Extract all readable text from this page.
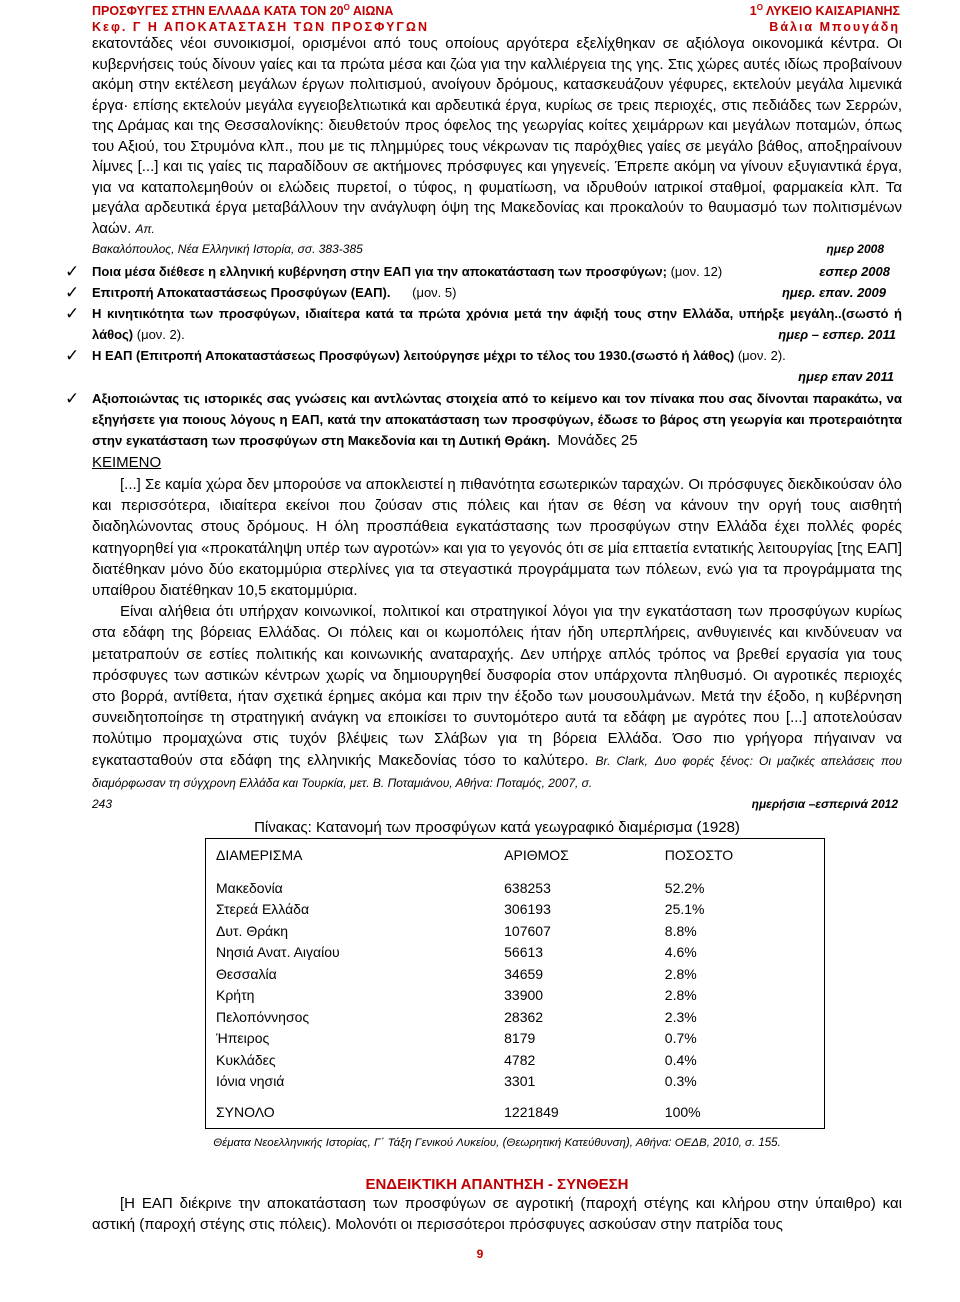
ΠΡΟΣΦΥΓΕΣ ΣΤΗΝ ΕΛΛΑΔΑ ΚΑΤΑ ΤΟΝ $20^O$ ΑΙΩΝΑ	$1^O$ ΛΥΚΕΙΟ ΚΑΙΣΑΡΙΑΝΗΣ
Κεφ. Γ Η ΑΠΟΚΑΤΑΣΤΑΣΗ ΤΩΝ ΠΡΟΣΦΥΓΩΝ	Βάλια Μπουγάδη

εκατοντάδες νέοι συνοικισμοί, ορισμένοι από τους οποίους αργότερα εξελίχθηκαν σε αξιόλογα οικονομικά κέντρα. Οι κυβερνήσεις τούς δίνουν γαίες και τα πρώτα μέσα και ζώα για την καλλιέργεια της γης. Στις χώρες αυτές ιδίως προβαίνουν ακόμη στην εκτέλεση μεγάλων έργων πολιτισμού, ανοίγουν δρόμους, κατασκευάζουν γέφυρες, εκτελούν μεγάλα λιμενικά έργα· επίσης εκτελούν μεγάλα εγγειοβελτιωτικά και αρδευτικά έργα, κυρίως σε τρεις περιοχές, στις πεδιάδες των Σερρών, της Δράμας και της Θεσσαλονίκης: διευθετούν προς όφελος της γεωργίας κοίτες χειμάρρων και μεγάλων ποταμών, όπως του Αξιού, του Στρυμόνα κλπ., που με τις πλημμύρες τους νέκρωναν τις παρόχθιες γαίες σε μεγάλο βάθος, αποξηραίνουν λίμνες [...] και τις γαίες τις παραδίδουν σε ακτήμονες πρόσφυγες και γηγενείς. Έπρεπε ακόμη να γίνουν εξυγιαντικά έργα, για να καταπολεμηθούν οι ελώδεις πυρετοί, ο τύφος, η φυματίωση, να ιδρυθούν ιατρικοί σταθμοί, φαρμακεία κλπ. Τα μεγάλα αρδευτικά έργα μεταβάλλουν την ανάγλυφη όψη της Μακεδονίας και προκαλούν το θαυμασμό των πολιτισμένων λαών. Απ.

Βακαλόπουλος, Νέα Ελληνική Ιστορία, σσ. 383-385	ημερ 2008
✓ Ποια μέσα διέθεσε η ελληνική κυβέρνηση στην ΕΑΠ για την αποκατάσταση των προσφύγων; (μον. 12)	εσπερ 2008
✓ Επιτροπή Αποκαταστάσεως Προσφύγων (ΕΑΠ). (μον. 5)	ημερ. επαν. 2009
✓ Η κινητικότητα των προσφύγων, ιδιαίτερα κατά τα πρώτα χρόνια μετά την άφιξή τους στην Ελλάδα, υπήρξε μεγάλη..(σωστό ή λάθος) (μον. 2).	ημερ – εσπερ. 2011
✓ Η ΕΑΠ (Επιτροπή Αποκαταστάσεως Προσφύγων) λειτούργησε μέχρι το τέλος του 1930.(σωστό ή λάθος) (μον. 2).
ημερ επαν 2011
✓ Αξιοποιώντας τις ιστορικές σας γνώσεις και αντλώντας στοιχεία από το κείμενο και τον πίνακα που σας δίνονται παρακάτω, να εξηγήσετε για ποιους λόγους η ΕΑΠ, κατά την αποκατάσταση των προσφύγων, έδωσε το βάρος στη γεωργία και προτεραιότητα στην εγκατάσταση των προσφύγων στη Μακεδονία και τη Δυτική Θράκη. Μονάδες 25

ΚΕΙΜΕΝΟ

[...] Σε καμία χώρα δεν μπορούσε να αποκλειστεί η πιθανότητα εσωτερικών ταραχών. Οι πρόσφυγες διεκδικούσαν όλο και περισσότερα, ιδιαίτερα εκείνοι που ζούσαν στις πόλεις και ήταν σε θέση να κάνουν την οργή τους αισθητή διαδηλώνοντας στους δρόμους. Η όλη προσπάθεια εγκατάστασης των προσφύγων στην Ελλάδα έχει πολλές φορές κατηγορηθεί για «προκατάληψη υπέρ των αγροτών» και για το γεγονός ότι σε μία επταετία εντατικής λειτουργίας [της ΕΑΠ] διατέθηκαν μόνο δύο εκατομμύρια στερλίνες για τα στεγαστικά προγράμματα των πόλεων, ενώ για τα προγράμματα της υπαίθρου διατέθηκαν 10,5 εκατομμύρια.

Είναι αλήθεια ότι υπήρχαν κοινωνικοί, πολιτικοί και στρατηγικοί λόγοι για την εγκατάσταση των προσφύγων κυρίως στα εδάφη της βόρειας Ελλάδας. Οι πόλεις και οι κωμοπόλεις ήταν ήδη υπερπλήρεις, ανθυγιεινές και κινδύνευαν να μετατραπούν σε εστίες πολιτικής και κοινωνικής αναταραχής. Δεν υπήρχε απλός τρόπος να βρεθεί εργασία για τους πρόσφυγες των αστικών κέντρων χωρίς να δημιουργηθεί δυσφορία στον υπάρχοντα πληθυσμό. Οι αγροτικές περιοχές στο βορρά, αντίθετα, ήταν σχετικά έρημες ακόμα και πριν την έξοδο των μουσουλμάνων. Μετά την έξοδο, η κυβέρνηση συνειδητοποίησε τη στρατηγική ανάγκη να εποικίσει το συντομότερο αυτά τα εδάφη με αγρότες που [...] αποτελούσαν πολύτιμο προμαχώνα στις τυχόν βλέψεις των Σλάβων για τη βόρεια Ελλάδα. Όσο πιο γρήγορα πήγαιναν να εγκατασταθούν στα εδάφη της ελληνικής Μακεδονίας τόσο το καλύτερο. Br. Clark, Δυο φορές ξένος: Οι μαζικές απελάσεις που διαμόρφωσαν τη σύγχρονη Ελλάδα και Τουρκία, μετ. Β. Ποταμιάνου, Αθήνα: Ποταμός, 2007, σ.

243	ημερήσια –εσπερινά 2012

Πίνακας: Κατανομή των προσφύγων κατά γεωγραφικό διαμέρισμα (1928)

ΔΙΑΜΕΡΙΣΜΑ	ΑΡΙΘΜΟΣ	ΠΟΣΟΣΤΟ

Μακεδονία	638253	52.2%
Στερεά Ελλάδα	306193	25.1%
Δυτ. Θράκη	107607	8.8%
Νησιά Ανατ. Αιγαίου	56613	4.6%
Θεσσαλία	34659	2.8%
Κρήτη	33900	2.8%
Πελοπόννησος	28362	2.3%
Ήπειρος	8179	0.7%
Κυκλάδες	4782	0.4%
Ιόνια νησιά	3301	0.3%

ΣΥΝΟΛΟ	1221849	100%

Θέματα Νεοελληνικής Ιστορίας, Γ΄ Τάξη Γενικού Λυκείου, (Θεωρητική Κατεύθυνση), Αθήνα: ΟΕΔΒ, 2010, σ. 155.

ΕΝΔΕΙΚΤΙΚΗ ΑΠΑΝΤΗΣΗ - ΣΥΝΘΕΣΗ

[Η ΕΑΠ διέκρινε την αποκατάσταση των προσφύγων σε αγροτική (παροχή στέγης και κλήρου στην ύπαιθρο) και αστική (παροχή στέγης στις πόλεις). Μολονότι οι περισσότεροι πρόσφυγες ασκούσαν στην πατρίδα τους

9
